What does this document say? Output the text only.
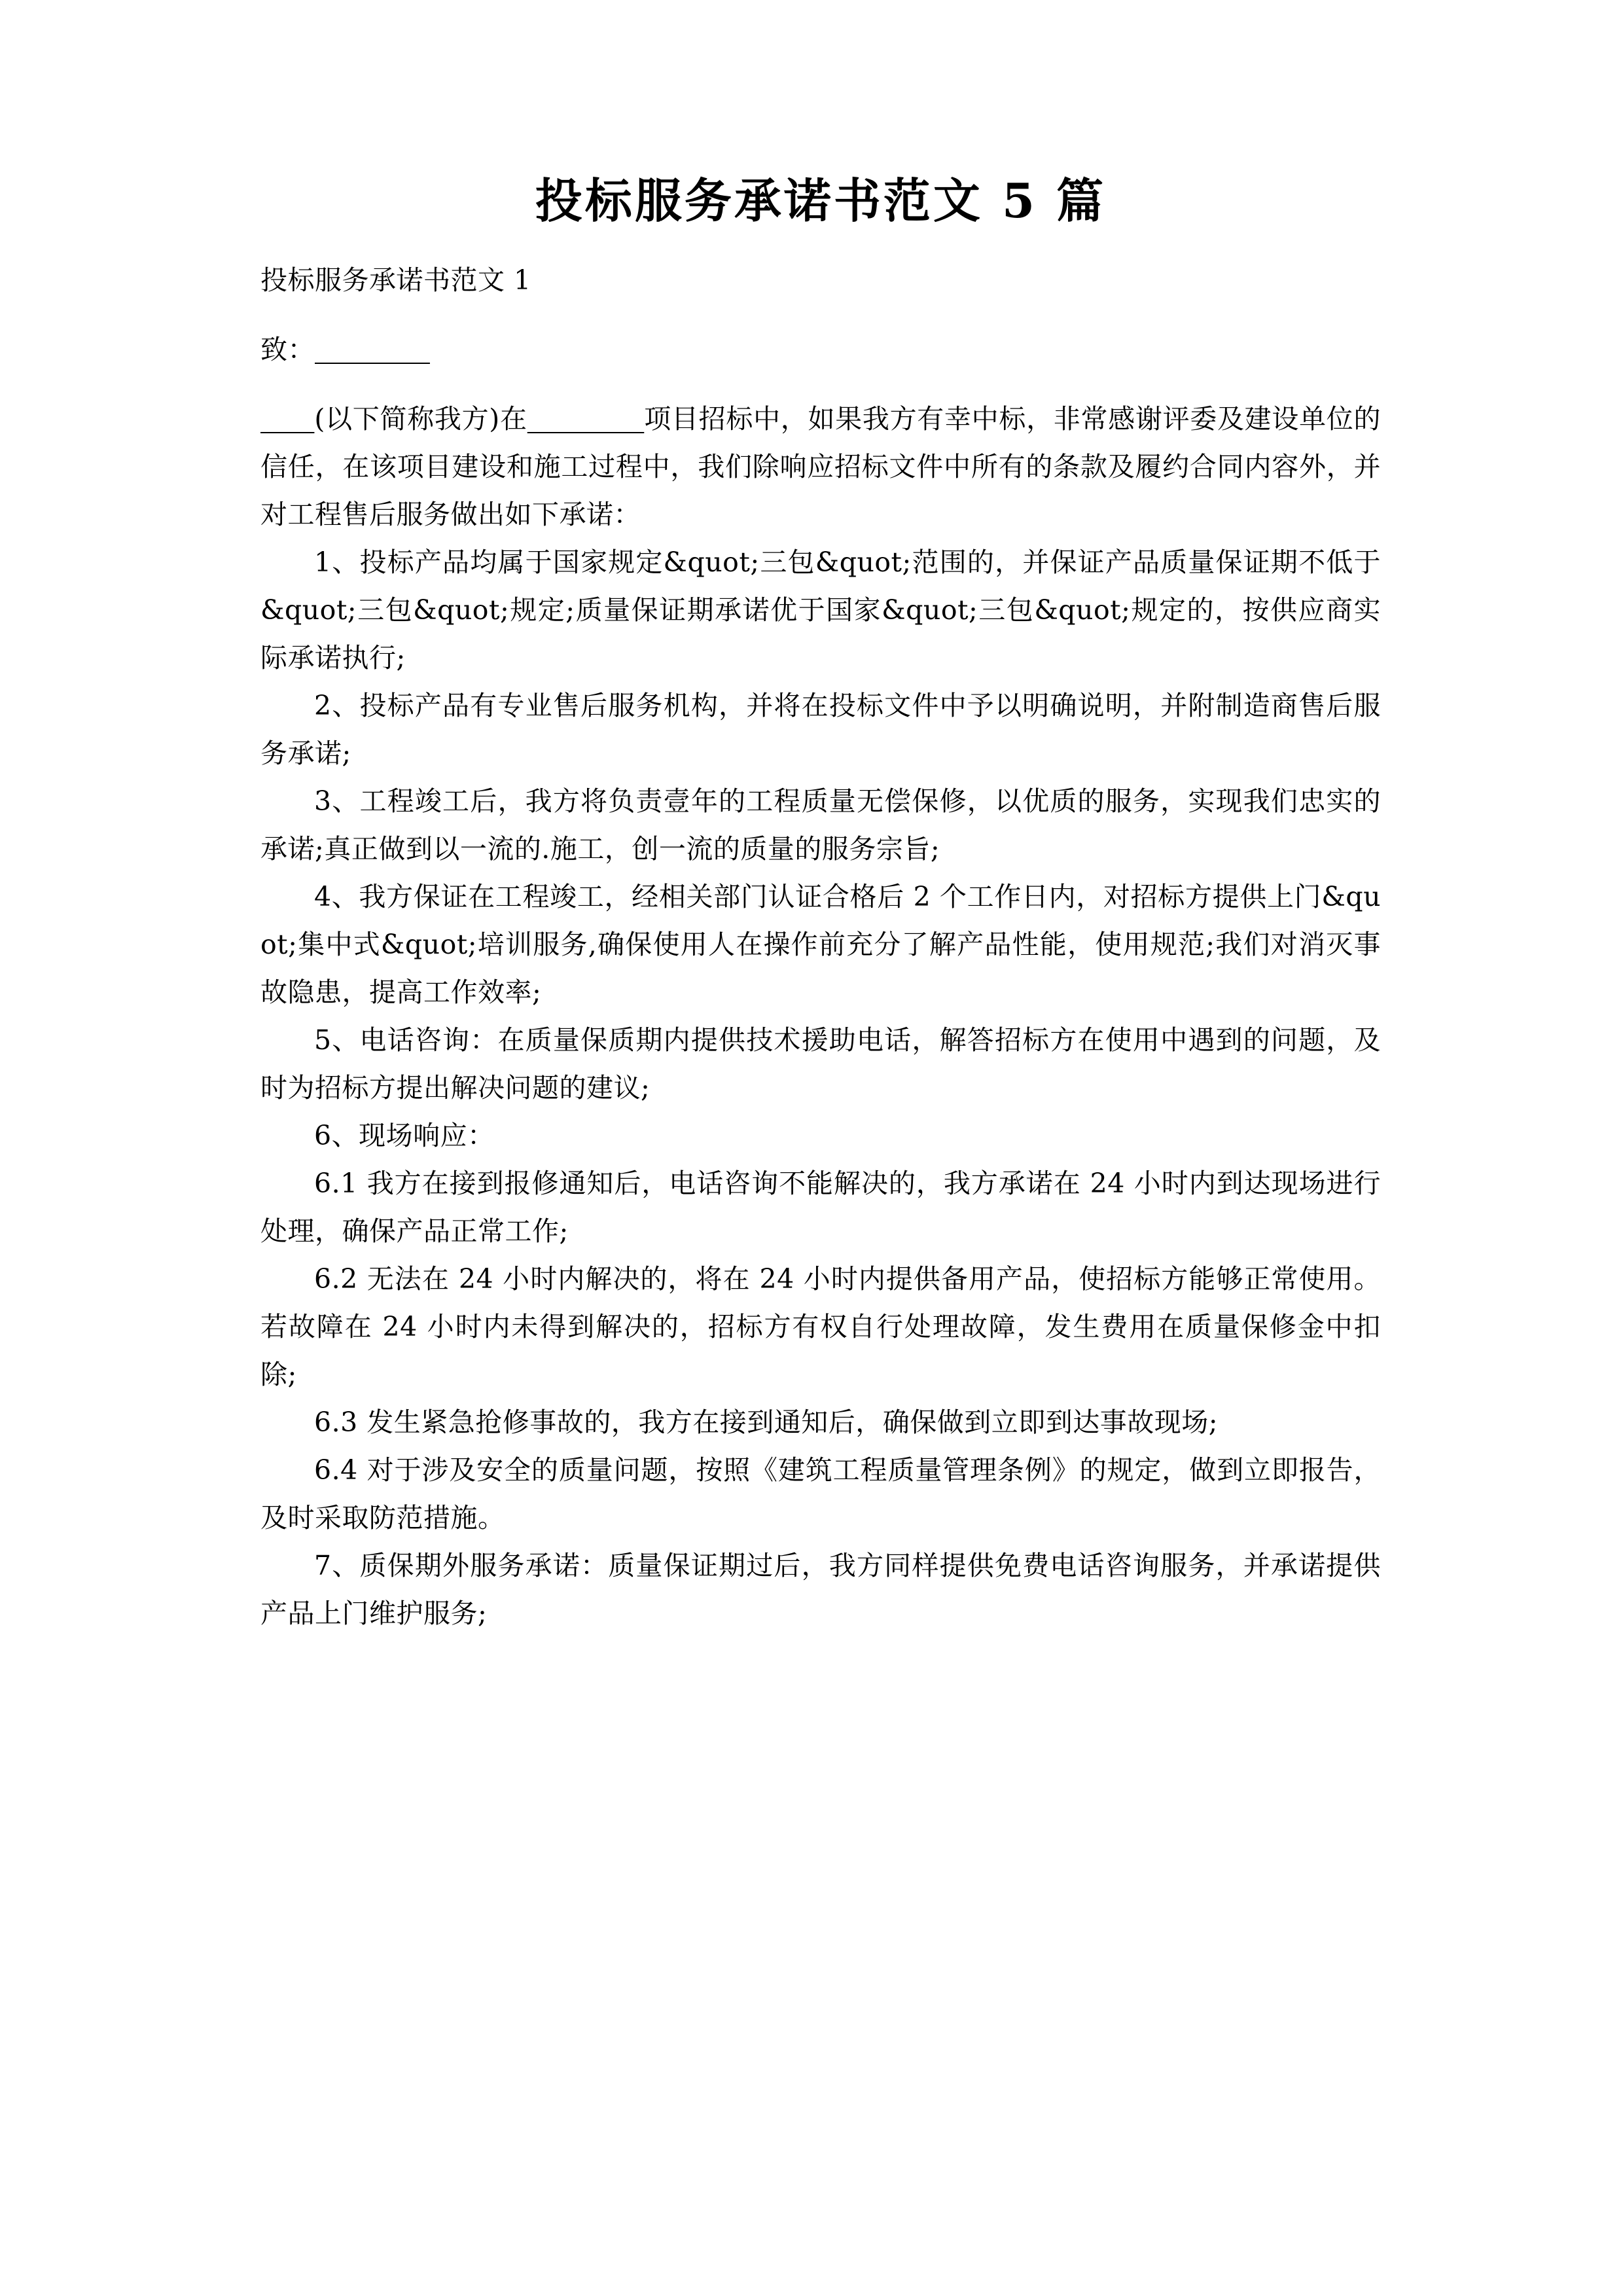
投标服务承诺书范文 5 篇

投标服务承诺书范文 1

致：

(以下简称我方)在	项目招标中，如果我方有幸中标，非常感谢评委及建设单位的信任，在该项目建设和施工过程中，我们除响应招标文件中所有的条款及履约合同内容外，并对工程售后服务做出如下承诺：

1、投标产品均属于国家规定&quot;三包&quot;范围的，并保证产品质量保证期不低于&quot;三包&quot;规定;质量保证期承诺优于国家&quot;三包&quot;规定的，按供应商实际承诺执行;

2、投标产品有专业售后服务机构，并将在投标文件中予以明确说明，并附制造商售后服务承诺;

3、工程竣工后，我方将负责壹年的工程质量无偿保修，以优质的服务，实现我们忠实的承诺;真正做到以一流的.施工，创一流的质量的服务宗旨;

4、我方保证在工程竣工，经相关部门认证合格后 2 个工作日内，对招标方提供上门&quot;集中式&quot;培训服务,确保使用人在操作前充分了解产品性能，使用规范;我们对消灭事故隐患，提高工作效率;

5、电话咨询：在质量保质期内提供技术援助电话，解答招标方在使用中遇到的问题，及时为招标方提出解决问题的建议;

6、现场响应：

6.1 我方在接到报修通知后，电话咨询不能解决的，我方承诺在 24 小时内到达现场进行处理，确保产品正常工作;

6.2 无法在 24 小时内解决的，将在 24 小时内提供备用产品，使招标方能够正常使用。若故障在 24 小时内未得到解决的，招标方有权自行处理故障，发生费用在质量保修金中扣除;

6.3 发生紧急抢修事故的，我方在接到通知后，确保做到立即到达事故现场;

6.4 对于涉及安全的质量问题，按照《建筑工程质量管理条例》的规定，做到立即报告，及时采取防范措施。

7、质保期外服务承诺：质量保证期过后，我方同样提供免费电话咨询服务，并承诺提供产品上门维护服务;
